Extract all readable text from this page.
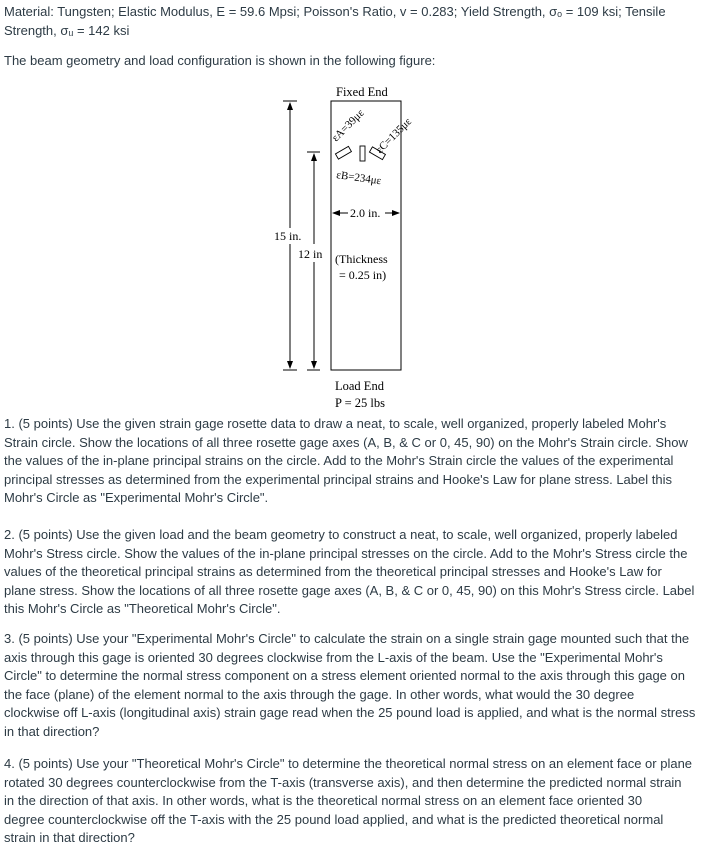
Material: Tungsten; Elastic Modulus, E = 59.6 Mpsi; Poisson's Ratio, v = 0.283; Yield Strength, σₒ = 109 ksi; Tensile
Strength, σᵤ = 142 ksi

The beam geometry and load configuration is shown in the following figure:

Fixed End
εA=39με εC=135με
εB=234με
2.0 in.
15 in.
12 in (Thickness
= 0.25 in)
Load End
P = 25 lbs

1. (5 points) Use the given strain gage rosette data to draw a neat, to scale, well organized, properly labeled Mohr's
Strain circle. Show the locations of all three rosette gage axes (A, B, & C or 0, 45, 90) on the Mohr's Strain circle. Show
the values of the in-plane principal strains on the circle. Add to the Mohr's Strain circle the values of the experimental
principal stresses as determined from the experimental principal strains and Hooke's Law for plane stress. Label this
Mohr's Circle as "Experimental Mohr's Circle".

2. (5 points) Use the given load and the beam geometry to construct a neat, to scale, well organized, properly labeled
Mohr's Stress circle. Show the values of the in-plane principal stresses on the circle. Add to the Mohr's Stress circle the
values of the theoretical principal strains as determined from the theoretical principal stresses and Hooke's Law for
plane stress. Show the locations of all three rosette gage axes (A, B, & C or 0, 45, 90) on this Mohr's Stress circle. Label
this Mohr's Circle as "Theoretical Mohr's Circle".

3. (5 points) Use your "Experimental Mohr's Circle" to calculate the strain on a single strain gage mounted such that the
axis through this gage is oriented 30 degrees clockwise from the L-axis of the beam. Use the "Experimental Mohr's
Circle" to determine the normal stress component on a stress element oriented normal to the axis through this gage on
the face (plane) of the element normal to the axis through the gage. In other words, what would the 30 degree
clockwise off L-axis (longitudinal axis) strain gage read when the 25 pound load is applied, and what is the normal stress
in that direction?

4. (5 points) Use your "Theoretical Mohr's Circle" to determine the theoretical normal stress on an element face or plane
rotated 30 degrees counterclockwise from the T-axis (transverse axis), and then determine the predicted normal strain
in the direction of that axis. In other words, what is the theoretical normal stress on an element face oriented 30
degree counterclockwise off the T-axis with the 25 pound load applied, and what is the predicted theoretical normal
strain in that direction?
